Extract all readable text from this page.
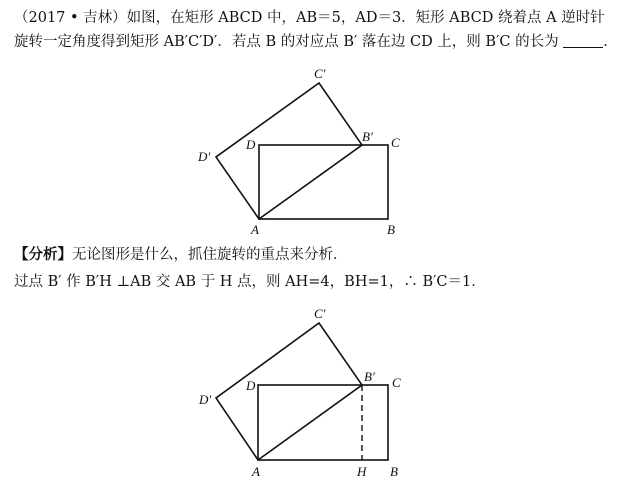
（2017 • 吉林）如图，在矩形 ABCD 中，AB＝5，AD＝3．矩形 ABCD 绕着点 A 逆时针
旋转一定角度得到矩形 AB′C′D′．若点 B 的对应点 B′ 落在边 CD 上，则 B′C 的长为	．
C′
D
B′ C
D′
A	B
【分析】无论图形是什么，抓住旋转的重点来分析．
过点 B′ 作 B′H ⊥AB 交 AB 于 H 点，则 AH=4，BH=1，∴ B′C＝1．
C′
D
B′ C
D′
A	H B
